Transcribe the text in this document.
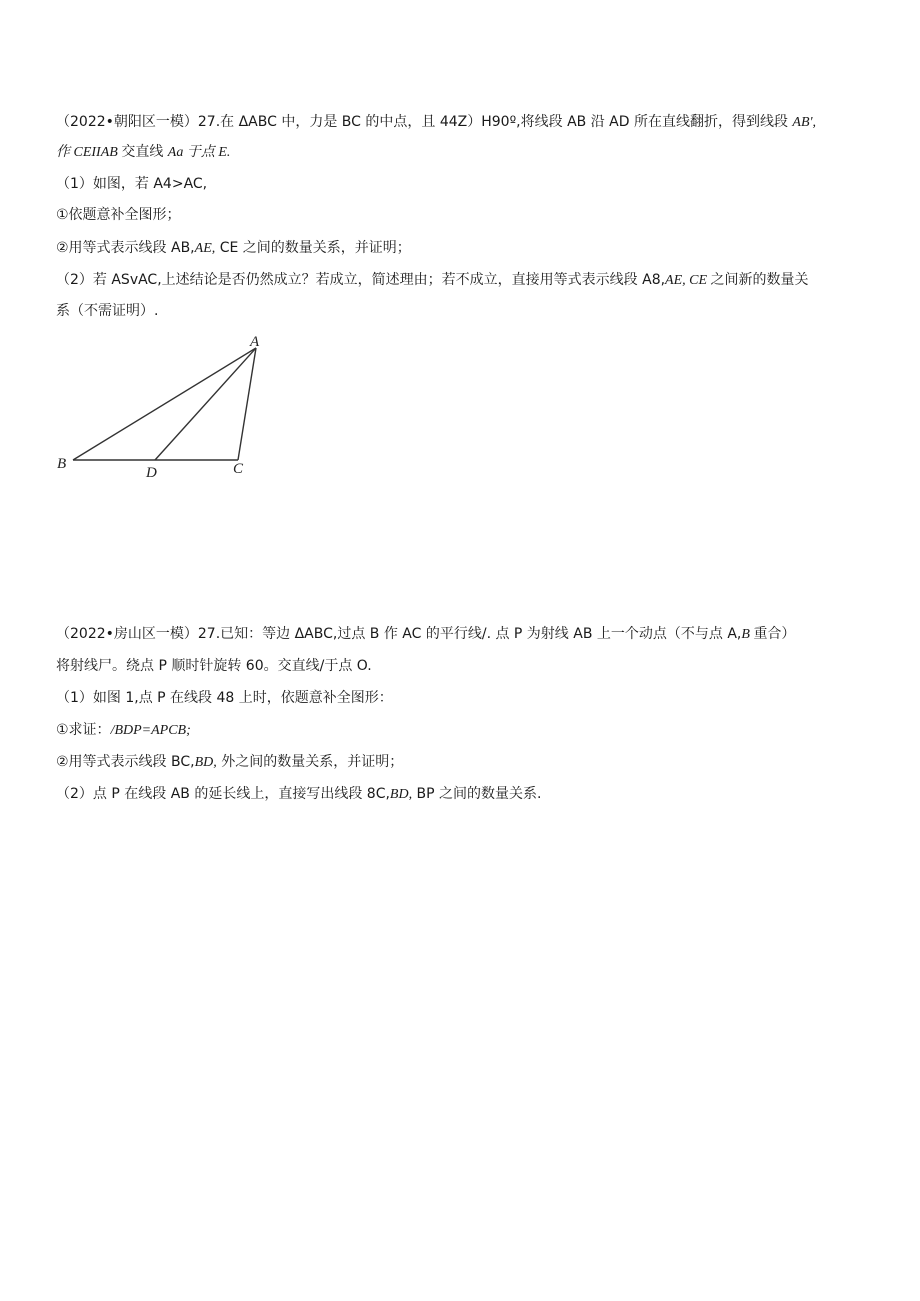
（2022•朝阳区一模）27.在 ΔABC 中，力是 BC 的中点，且 44Z）H90º,将线段 AB 沿 AD 所在直线翻折，得到线段 AB',
作 CEIIAB 交直线 Aa 于点 E.
（1）如图，若 A4>AC,
①依题意补全图形；
②用等式表示线段 AB,AE, CE 之间的数量关系，并证明；
（2）若 ASvAC,上述结论是否仍然成立？若成立，简述理由；若不成立，直接用等式表示线段 A8,AE, CE 之间新的数量关
系（不需证明）.
A
B	C
D
（2022•房山区一模）27.已知：等边 ΔABC,过点 B 作 AC 的平行线/. 点 P 为射线 AB 上一个动点（不与点 A,B 重合）
将射线尸。绕点 P 顺时针旋转 60。交直线/于点 O.
（1）如图 1,点 P 在线段 48 上时，依题意补全图形：
①求证：/BDP=APCB;
②用等式表示线段 BC,BD, 外之间的数量关系，并证明；
（2）点 P 在线段 AB 的延长线上，直接写出线段 8C,BD, BP 之间的数量关系.
